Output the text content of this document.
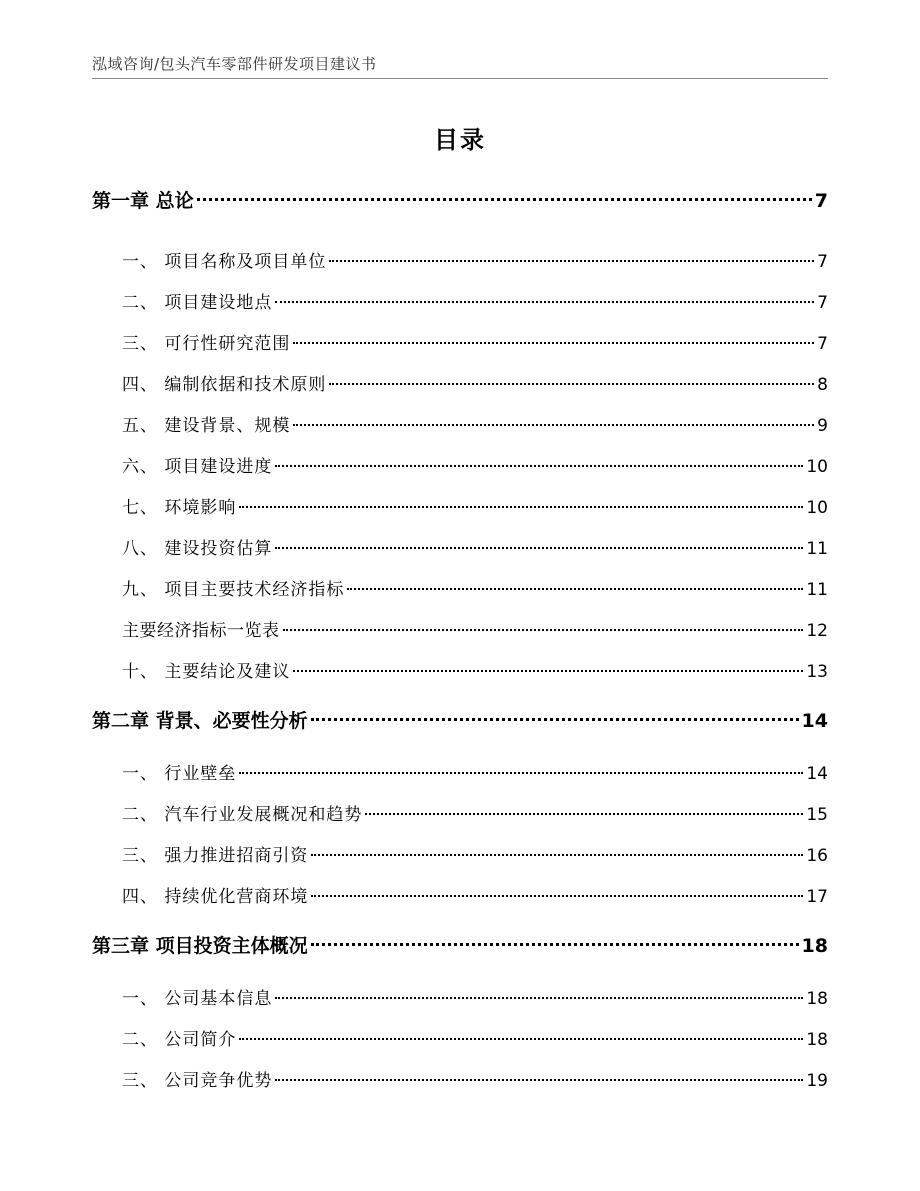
泓域咨询/包头汽车零部件研发项目建议书
目录
第一章 总论	7
一、 项目名称及项目单位	7
二、 项目建设地点	7
三、 可行性研究范围	7
四、 编制依据和技术原则	8
五、 建设背景、规模	9
六、 项目建设进度	10
七、 环境影响	10
八、 建设投资估算	11
九、 项目主要技术经济指标	11
主要经济指标一览表	12
十、 主要结论及建议	13
第二章 背景、必要性分析	14
一、 行业壁垒	14
二、 汽车行业发展概况和趋势	15
三、 强力推进招商引资	16
四、 持续优化营商环境	17
第三章 项目投资主体概况	18
一、 公司基本信息	18
二、 公司简介	18
三、 公司竞争优势	19
